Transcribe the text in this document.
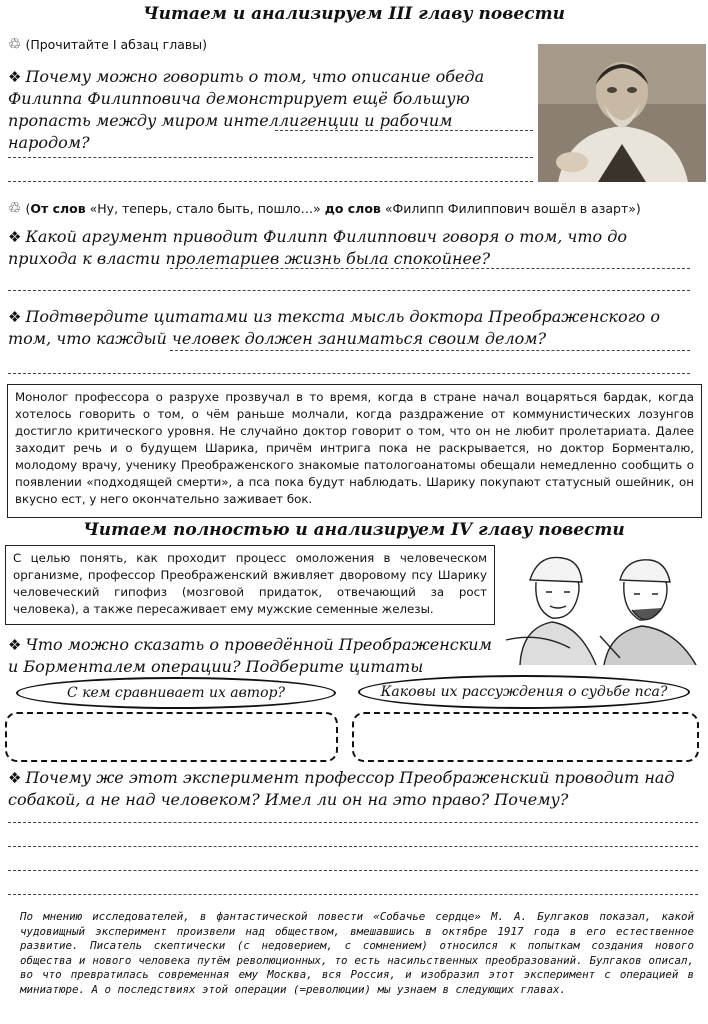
Читаем и анализируем III главу повести
♲ (Прочитайте I абзац главы)
❖ Почему можно говорить о том, что описание обеда Филиппа Филипповича демонстрирует ещё большую пропасть между миром интеллигенции и рабочим народом?
♲ (От слов «Ну, теперь, стало быть, пошло…» до слов «Филипп Филиппович вошёл в азарт»)
❖ Какой аргумент приводит Филипп Филиппович говоря о том, что до прихода к власти пролетариев жизнь была спокойнее?
❖ Подтвердите цитатами из текста мысль доктора Преображенского о том, что каждый человек должен заниматься своим делом?
Монолог профессора о разрухе прозвучал в то время, когда в стране начал воцаряться бардак, когда хотелось говорить о том, о чём раньше молчали, когда раздражение от коммунистических лозунгов достигло критического уровня. Не случайно доктор говорит о том, что он не любит пролетариата. Далее заходит речь и о будущем Шарика, причём интрига пока не раскрывается, но доктор Борменталю, молодому врачу, ученику Преображенского знакомые патологоанатомы обещали немедленно сообщить о появлении «подходящей смерти», а пса пока будут наблюдать. Шарику покупают статусный ошейник, он вкусно ест, у него окончательно заживает бок.
Читаем полностью и анализируем IV главу повести
С целью понять, как проходит процесс омоложения в человеческом организме, профессор Преображенский вживляет дворовому псу Шарику человеческий гипофиз (мозговой придаток, отвечающий за рост человека), а также пересаживает ему мужские семенные железы.
❖ Что можно сказать о проведённой Преображенским и Борменталем операции? Подберите цитаты
С кем сравнивает их автор?	Каковы их рассуждения о судьбе пса?
❖ Почему же этот эксперимент профессор Преображенский проводит над собакой, а не над человеком? Имел ли он на это право? Почему?
По мнению исследователей, в фантастической повести «Собачье сердце» М. А. Булгаков показал, какой чудовищный эксперимент произвели над обществом, вмешавшись в октябре 1917 года в его естественное развитие. Писатель скептически (с недоверием, с сомнением) относился к попыткам создания нового общества и нового человека путём революционных, то есть насильственных преобразований. Булгаков описал, во что превратилась современная ему Москва, вся Россия, и изобразил этот эксперимент с операцией в миниатюре. А о последствиях этой операции (=революции) мы узнаем в следующих главах.
